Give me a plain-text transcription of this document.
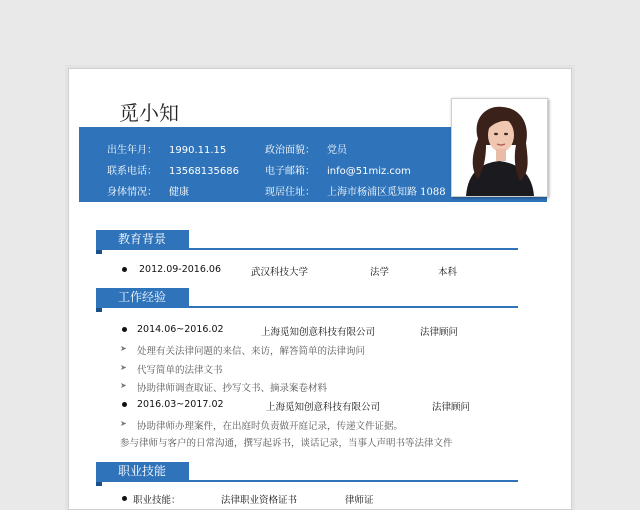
觅小知
出生年月： 1990.11.15	政治面貌： 党员
联系电话： 13568135686	电子邮箱： info@51miz.com
身体情况： 健康	现居住址： 上海市杨浦区觅知路 1088
教育背景
2012.09-2016.06	武汉科技大学	法学	本科
工作经验
2014.06~2016.02	上海觅知创意科技有限公司	法律顾问
➤ 处理有关法律问题的来信、来访，解答简单的法律询问
➤ 代写简单的法律文书
➤ 协助律师调查取证、抄写文书、摘录案卷材料
2016.03~2017.02	上海觅知创意科技有限公司	法律顾问
➤ 协助律师办理案件，在出庭时负责做开庭记录，传递文件证据。
参与律师与客户的日常沟通，撰写起诉书，谈话记录，当事人声明书等法律文件
职业技能
职业技能：	法律职业资格证书	律师证
